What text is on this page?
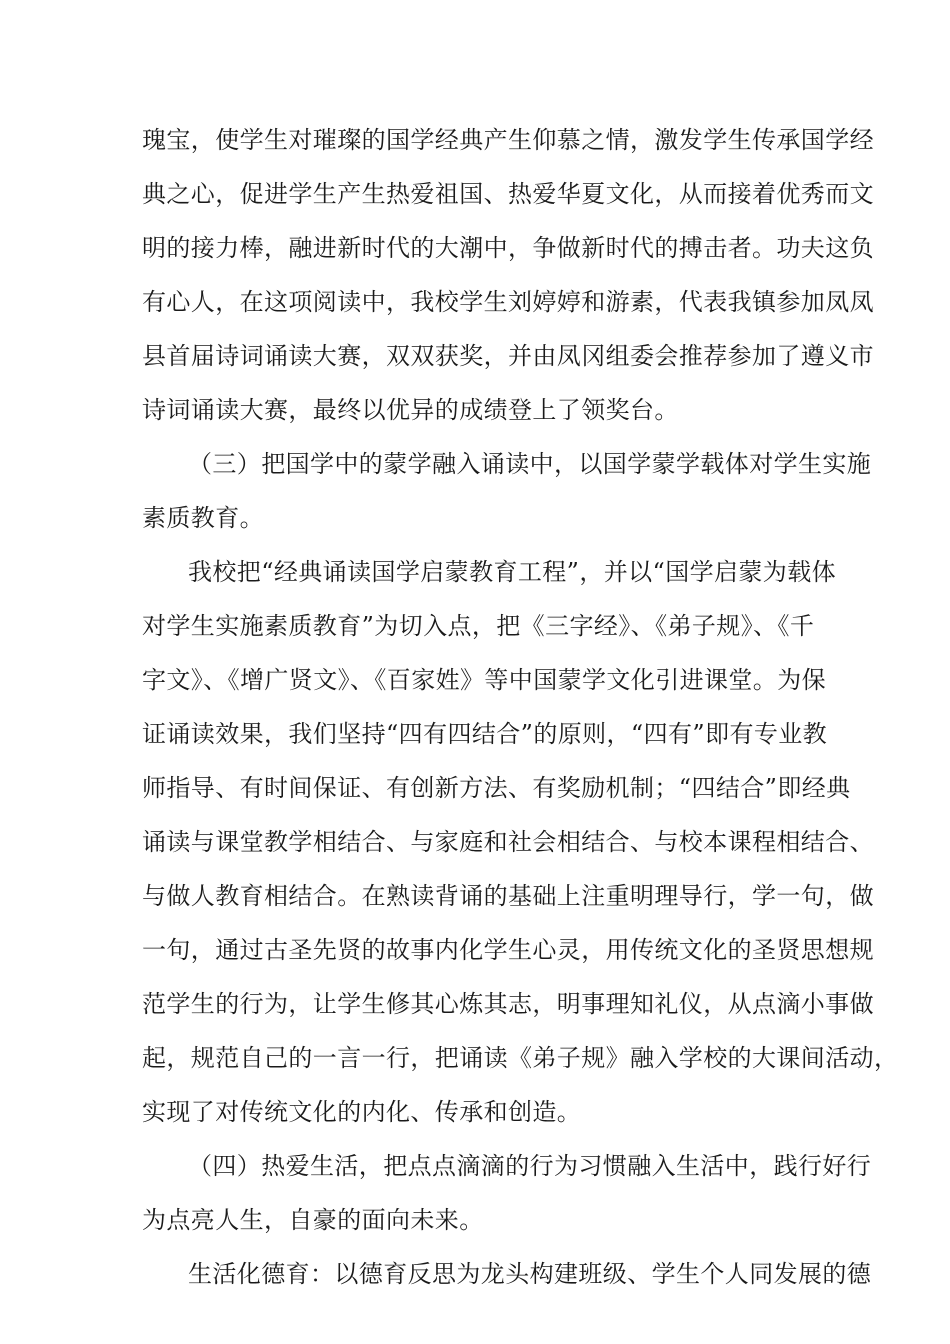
瑰宝，使学生对璀璨的国学经典产生仰慕之情，激发学生传承国学经
典之心，促进学生产生热爱祖国、热爱华夏文化，从而接着优秀而文
明的接力棒，融进新时代的大潮中，争做新时代的搏击者。功夫这负
有心人，在这项阅读中，我校学生刘婷婷和游素，代表我镇参加凤凤
县首届诗词诵读大赛，双双获奖，并由凤冈组委会推荐参加了遵义市
诗词诵读大赛，最终以优异的成绩登上了领奖台。
（三）把国学中的蒙学融入诵读中，以国学蒙学载体对学生实施
素质教育。
我校把“经典诵读国学启蒙教育工程”，并以“国学启蒙为载体
对学生实施素质教育”为切入点，把《三字经》、《弟子规》、《千
字文》、《增广贤文》、《百家姓》等中国蒙学文化引进课堂。为保
证诵读效果，我们坚持“四有四结合”的原则，“四有”即有专业教
师指导、有时间保证、有创新方法、有奖励机制；“四结合”即经典
诵读与课堂教学相结合、与家庭和社会相结合、与校本课程相结合、
与做人教育相结合。在熟读背诵的基础上注重明理导行，学一句，做
一句，通过古圣先贤的故事内化学生心灵，用传统文化的圣贤思想规
范学生的行为，让学生修其心炼其志，明事理知礼仪，从点滴小事做
起，规范自己的一言一行，把诵读《弟子规》融入学校的大课间活动，
实现了对传统文化的内化、传承和创造。
（四）热爱生活，把点点滴滴的行为习惯融入生活中，践行好行
为点亮人生，自豪的面向未来。
生活化德育：以德育反思为龙头构建班级、学生个人同发展的德
